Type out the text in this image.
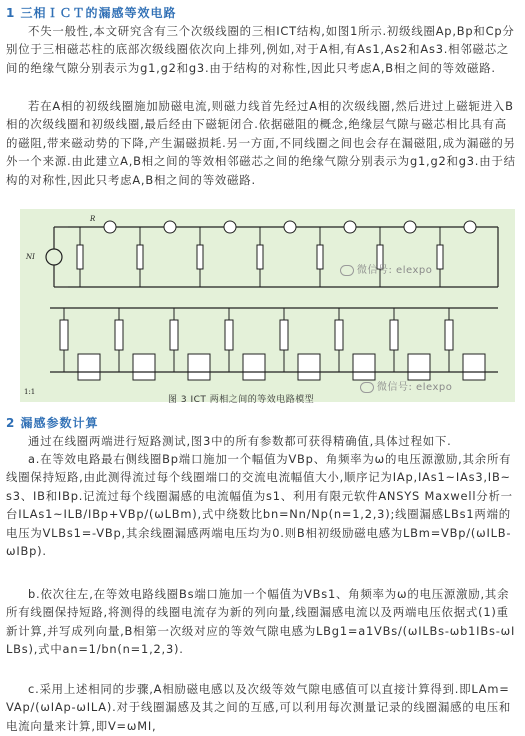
1 三相ＩＣＴ的漏感等效电路
不失一般性,本文研究含有三个次级线圈的三相ICT结构,如图1所示.初级线圈Ap,Bp和Cp分别位于三相磁芯柱的底部次级线圈依次向上排列,例如,对于A相,有As1,As2和As3.相邻磁芯之间的绝缘气隙分别表示为g1,g2和g3.由于结构的对称性,因此只考虑A,B相之间的等效磁路.
若在A相的初级线圈施加励磁电流,则磁力线首先经过A相的次级线圈,然后进过上磁轭进入B相的次级线圈和初级线圈,最后经由下磁轭闭合.依据磁阻的概念,绝缘层气隙与磁芯相比具有高的磁阻,带来磁动势的下降,产生漏磁损耗.另一方面,不同线圈之间也会存在漏磁阻,成为漏磁的另外一个来源.由此建立A,B相之间的等效相邻磁芯之间的绝缘气隙分别表示为g1,g2和g3.由于结构的对称性,因此只考虑A,B相之间的等效磁路.
NI
R
微信号: elexpo
1:1
图 3 ICT 两相之间的等效电路模型
微信号: elexpo
2 漏感参数计算
通过在线圈两端进行短路测试,图3中的所有参数都可获得精确值,具体过程如下.
a.在等效电路最右侧线圈Bp端口施加一个幅值为VBp、角频率为ω的电压源激励,其余所有线圈保持短路,由此测得流过每个线圈端口的交流电流幅值大小,顺序记为IAp,IAs1~IAs3,IB~s3、IB和IBp.记流过每个线圈漏感的电流幅值为s1、利用有限元软件ANSYS Maxwell分析一台ILAs1~ILB/IBp+VBp/(ωLBm),式中绕数比bn=Nn/Np(n=1,2,3);线圈漏感LBs1两端的电压为VLBs1=-VBp,其余线圈漏感两端电压均为0.则B相初级励磁电感为LBm=VBp/(ωILB-ωIBp).
b.依次往左,在等效电路线圈Bs端口施加一个幅值为VBs1、角频率为ω的电压源激励,其余所有线圈保持短路,将测得的线圈电流存为新的列向量,线圈漏感电流以及两端电压依据式(1)重新计算,并写成列向量,B相第一次级对应的等效气隙电感为LBg1=a1VBs/(ωILBs-ωb1IBs-ωILBs),式中an=1/bn(n=1,2,3).
c.采用上述相同的步骤,A相励磁电感以及次级等效气隙电感值可以直接计算得到.即LAm=VAp/(ωIAp-ωILA).对于线圈漏感及其之间的互感,可以利用每次测量记录的线圈漏感的电压和电流向量来计算,即V=ωMI,
